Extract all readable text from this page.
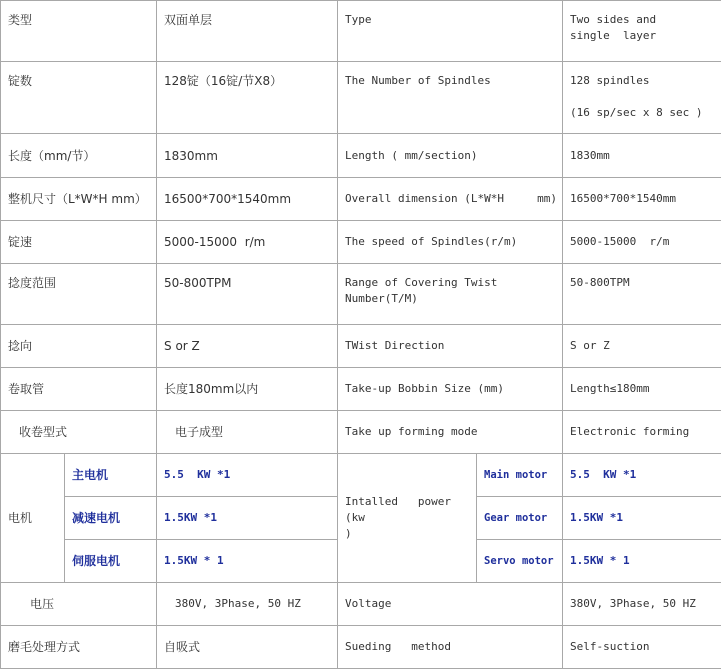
类型		双面单层	Type		Two sides and
single  layer
锭数		128锭（16锭/节X8）	The Number of Spindles		128 spindles

(16 sp/sec x 8 sec )
长度（mm/节）		1830mm	Length ( mm/section)		1830mm
整机尺寸（L*W*H mm）		16500*700*1540mm	Overall dimension (L*W*H     mm)		16500*700*1540mm
锭速		5000-15000  r/m	The speed of Spindles(r/m)		5000-15000  r/m
捻度范围		50-800TPM	Range of Covering Twist
Number(T/M)		50-800TPM
捻向		S or Z	TWist Direction		S or Z
卷取管		长度180mm以内	Take-up Bobbin Size (mm)		Length≤180mm
收卷型式		电子成型	Take up forming mode		Electronic forming
电机	主电机	5.5  KW *1	Intalled   power (kw
)	Main motor	5.5  KW *1
	减速电机	1.5KW *1		Gear motor	1.5KW *1
	伺服电机	1.5KW * 1		Servo motor	1.5KW * 1
电压		380V, 3Phase, 50 HZ	Voltage		380V, 3Phase, 50 HZ
磨毛处理方式		自吸式	Sueding   method		Self-suction
